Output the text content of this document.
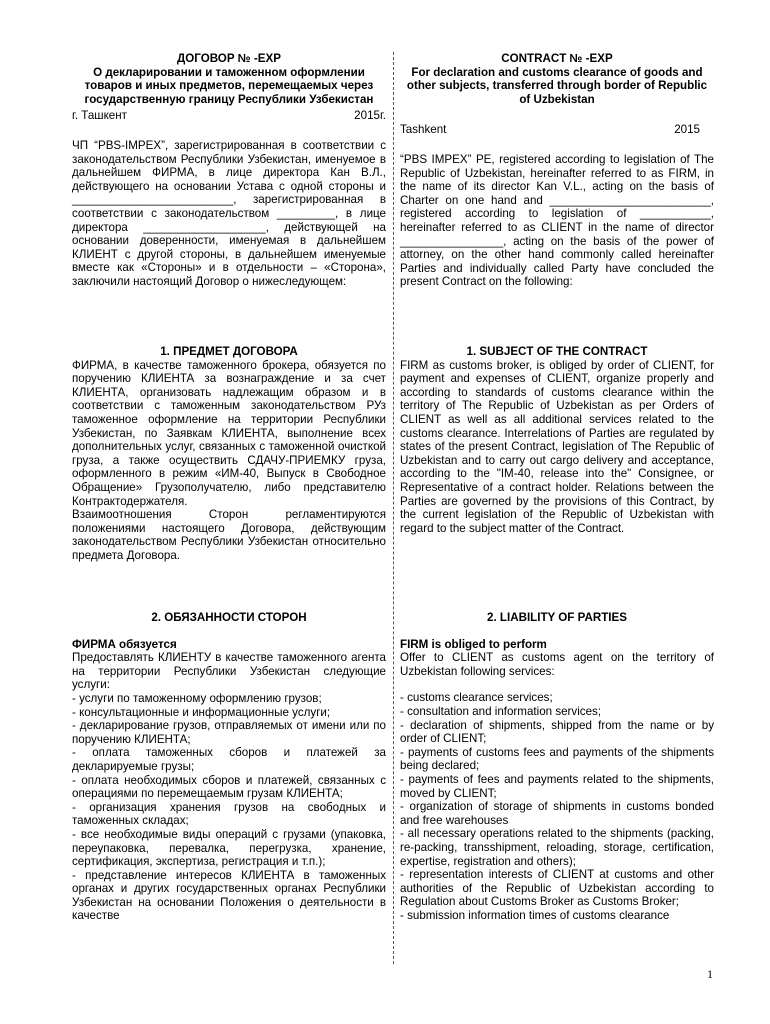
ДОГОВОР № -EXP

О декларировании и таможенном оформлении товаров и иных предметов, перемещаемых через государственную границу Республики Узбекистан

г. Ташкент	2015г.

ЧП “PBS-IMPEX”, зарегистрированная в соответствии с законодательством Республики Узбекистан, именуемое в дальнейшем ФИРМА, в лице директора Кан В.Л., действующего на основании Устава с одной стороны и _________________________, зарегистрированная в соответствии с законодательством _________, в лице директора ___________________, действующей на основании доверенности, именуемая в дальнейшем КЛИЕНТ с другой стороны, в дальнейшем именуемые вместе как «Стороны» и в отдельности – «Сторона», заключили настоящий Договор о нижеследующем:

1. ПРЕДМЕТ ДОГОВОРА

ФИРМА, в качестве таможенного брокера, обязуется по поручению КЛИЕНТА за вознаграждение и за счет КЛИЕНТА, организовать надлежащим образом и в соответствии с таможенным законодательством РУз таможенное оформление на территории Республики Узбекистан, по Заявкам КЛИЕНТА, выполнение всех дополнительных услуг, связанных с таможенной очисткой груза, а также осуществить СДАЧУ-ПРИЕМКУ груза, оформленного в режим «ИМ-40, Выпуск в Свободное Обращение» Грузополучателю, либо представителю Контрактодержателя.

Взаимоотношения Сторон регламентируются положениями настоящего Договора, действующим законодательством Республики Узбекистан относительно предмета Договора.

2. ОБЯЗАННОСТИ СТОРОН

ФИРМА обязуется

Предоставлять КЛИЕНТУ в качестве таможенного агента на территории Республики Узбекистан следующие услуги:

- услуги по таможенному оформлению грузов;

- консультационные и информационные услуги;

- декларирование грузов, отправляемых от имени или по поручению КЛИЕНТА;

- оплата таможенных сборов и платежей за декларируемые грузы;

- оплата необходимых сборов и платежей, связанных с операциями по перемещаемым грузам КЛИЕНТА;

- организация хранения грузов на свободных и таможенных складах;

- все необходимые виды операций с грузами (упаковка, переупаковка, перевалка, перегрузка, хранение, сертификация, экспертиза, регистрация и т.п.);

- представление интересов КЛИЕНТА в таможенных органах и других государственных органах Республики Узбекистан на основании Положения о деятельности в качестве

CONTRACT № -EXP

For declaration and customs clearance of goods and other subjects, transferred through border of Republic of Uzbekistan

Tashkent	2015

“PBS IMPEX” PE, registered according to legislation of The Republic of Uzbekistan, hereinafter referred to as FIRM, in the name of its director Kan V.L., acting on the basis of Charter on one hand and _________________________, registered according to legislation of ___________, hereinafter referred to as CLIENT in the name of director ________________, acting on the basis of the power of attorney, on the other hand commonly called hereinafter Parties and individually called Party have concluded the present Contract on the following:

1. SUBJECT OF THE CONTRACT

FIRM as customs broker, is obliged by order of CLIENT, for payment and expenses of CLIENT, organize properly and according to standards of customs clearance within the territory of The Republic of Uzbekistan as per Orders of CLIENT as well as all additional services related to the customs clearance. Interrelations of Parties are regulated by states of the present Contract, legislation of The Republic of Uzbekistan and to carry out cargo delivery and acceptance, according to the "IM-40, release into the" Consignee, or Representative of a contract holder. Relations between the Parties are governed by the provisions of this Contract, by the current legislation of the Republic of Uzbekistan with regard to the subject matter of the Contract.

2. LIABILITY OF PARTIES

FIRM is obliged to perform

Offer to CLIENT as customs agent on the territory of Uzbekistan following services:

- customs clearance services;

- consultation and information services;

- declaration of shipments, shipped from the name or by order of CLIENT;

- payments of customs fees and payments of the shipments being declared;

- payments of fees and payments related to the shipments, moved by CLIENT;

- organization of storage of shipments in customs bonded and free warehouses

- all necessary operations related to the shipments (packing, re-packing, transshipment, reloading, storage, certification, expertise, registration and others);

- representation interests of CLIENT at customs and other authorities of the Republic of Uzbekistan according to Regulation about Customs Broker as Customs Broker;

- submission information times of customs clearance

1
